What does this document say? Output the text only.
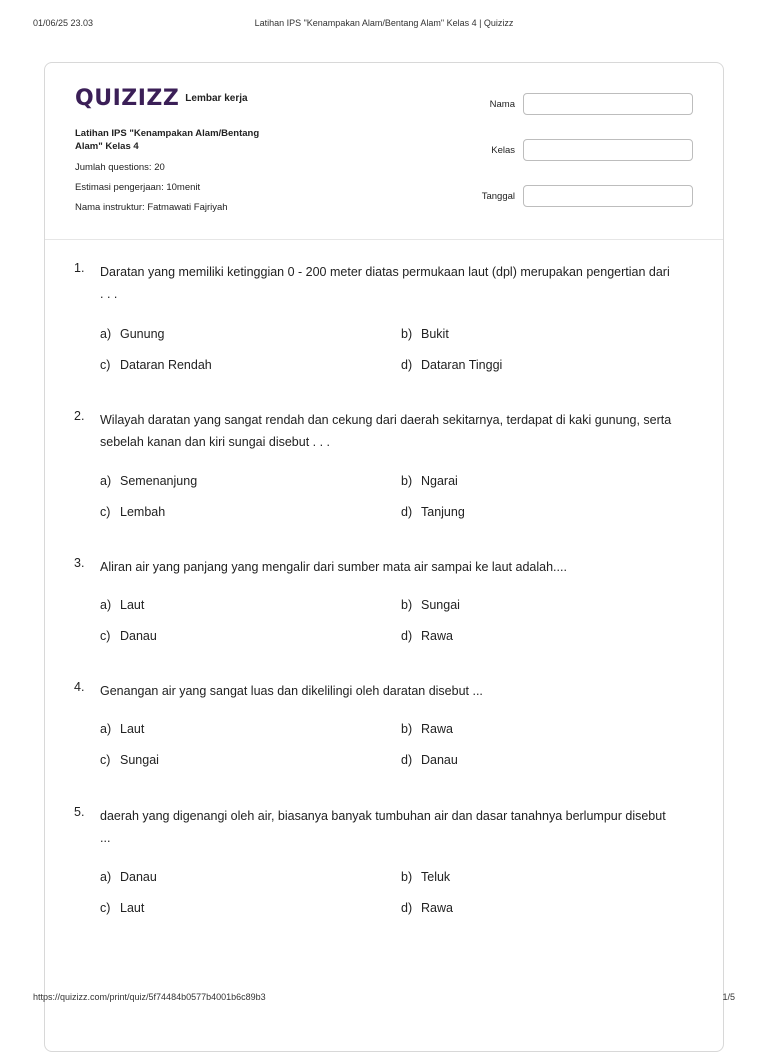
01/06/25 23.03	Latihan IPS "Kenampakan Alam/Bentang Alam" Kelas 4 | Quizizz
QUIZIZZ Lembar kerja
Latihan IPS "Kenampakan Alam/Bentang
Alam" Kelas 4
Jumlah questions: 20
Estimasi pengerjaan: 10menit
Nama instruktur: Fatmawati Fajriyah
Nama
Kelas
Tanggal
1.	Daratan yang memiliki ketinggian 0 - 200 meter diatas permukaan laut (dpl) merupakan pengertian dari
. . .
a) Gunung	b) Bukit
c) Dataran Rendah	d) Dataran Tinggi
2.	Wilayah daratan yang sangat rendah dan cekung dari daerah sekitarnya, terdapat di kaki gunung, serta
sebelah kanan dan kiri sungai disebut . . .
a) Semenanjung	b) Ngarai
c) Lembah	d) Tanjung
3.	Aliran air yang panjang yang mengalir dari sumber mata air sampai ke laut adalah....
a) Laut	b) Sungai
c) Danau	d) Rawa
4.	Genangan air yang sangat luas dan dikelilingi oleh daratan disebut ...
a) Laut	b) Rawa
c) Sungai	d) Danau
5.	daerah yang digenangi oleh air, biasanya banyak tumbuhan air dan dasar tanahnya berlumpur disebut
...
a) Danau	b) Teluk
c) Laut	d) Rawa
https://quizizz.com/print/quiz/5f74484b0577b4001b6c89b3	1/5
